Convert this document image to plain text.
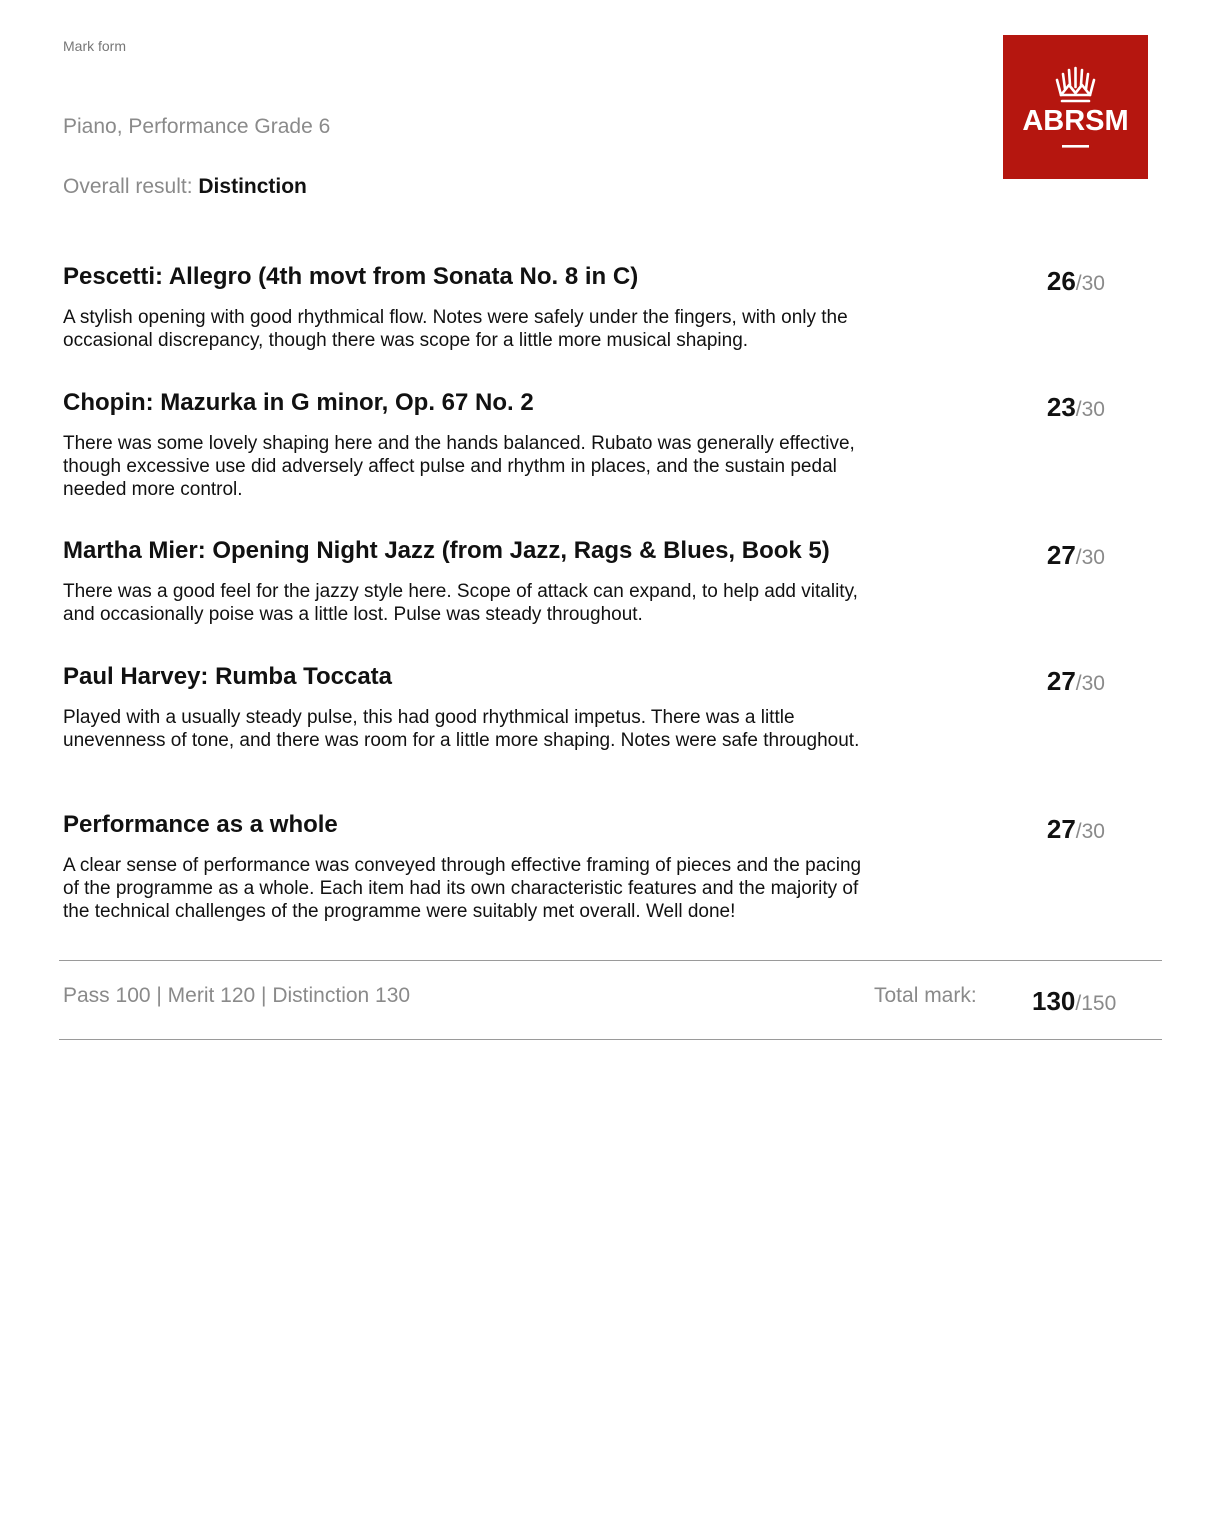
Mark form
Piano, Performance Grade 6
Overall result: Distinction
ABRSM
Pescetti: Allegro (4th movt from Sonata No. 8 in C)

A stylish opening with good rhythmical flow. Notes were safely under the fingers, with only the occasional discrepancy, though there was scope for a little more musical shaping.

26/30
Chopin: Mazurka in G minor, Op. 67 No. 2

There was some lovely shaping here and the hands balanced. Rubato was generally effective, though excessive use did adversely affect pulse and rhythm in places, and the sustain pedal needed more control.

23/30
Martha Mier: Opening Night Jazz (from Jazz, Rags & Blues, Book 5)

There was a good feel for the jazzy style here. Scope of attack can expand, to help add vitality, and occasionally poise was a little lost. Pulse was steady throughout.

27/30
Paul Harvey: Rumba Toccata

Played with a usually steady pulse, this had good rhythmical impetus. There was a little unevenness of tone, and there was room for a little more shaping. Notes were safe throughout.

27/30
Performance as a whole

A clear sense of performance was conveyed through effective framing of pieces and the pacing of the programme as a whole. Each item had its own characteristic features and the majority of the technical challenges of the programme were suitably met overall. Well done!

27/30
Pass 100 | Merit 120 | Distinction 130	Total mark: 130/150
